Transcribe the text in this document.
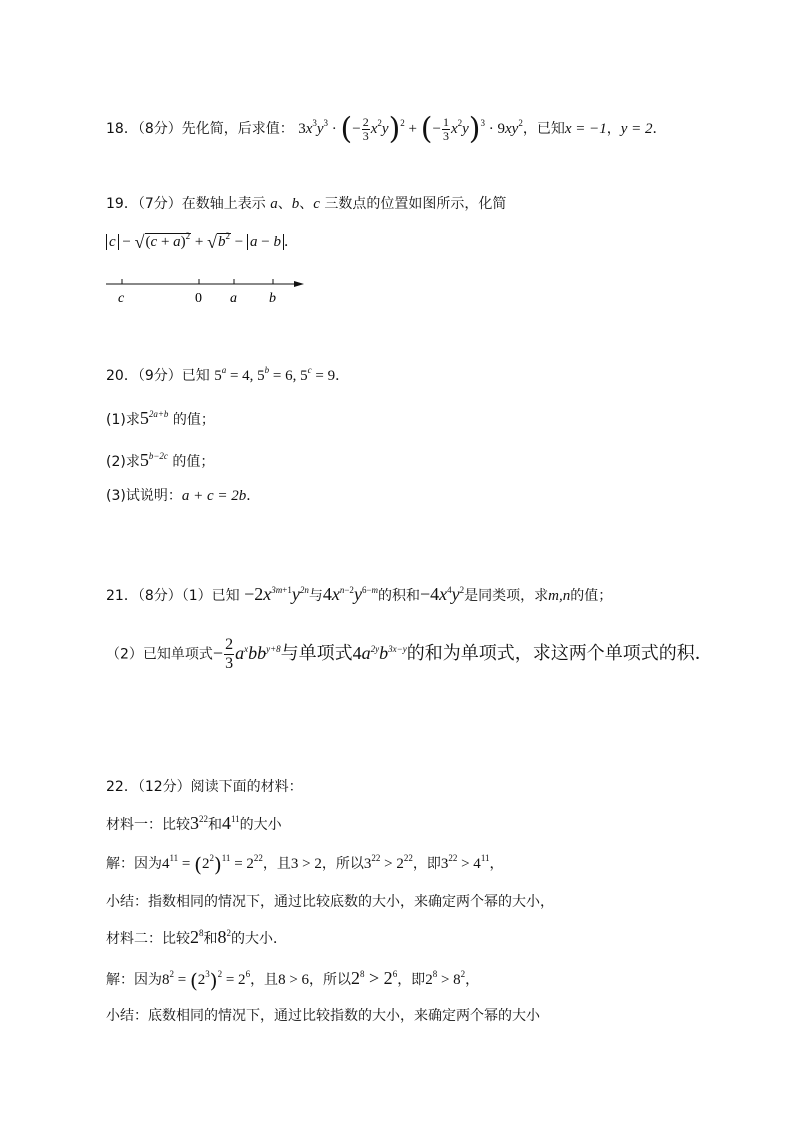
18．（8分）先化简，后求值： $3x^3y^3$ · (− $\frac{2}{3} x^2y)^2$ + (− $\frac{1}{3} x^2y)^3 \cdot 9xy^2$，已知x = −1，y = 2．
19．（7分）在数轴上表示 a、b、c 三数点的位置如图所示，化简
$c - √(c + a)^2 + √b^2 - a - b$ ．
c	0 a b
20．（9分）已知 $5^a = 4$, $5^b = 6$, $5^c = 9$．
(1)求$5^{2a+b}$ 的值；
(2)求$5^{b-2c}$ 的值；
(3)试说明：a + c = 2b．
21．（8分）（1）已知 $-2x^{3m+1}y^{2n}$与$4x^{n-2}y^{6-m}$的积和$-4x^4y^2$是同类项，求m,n的值；
（2）已知单项式− $\frac{2}{3} a^xbb^{y+8}$与单项式$4a^{2y}b^{3x-y}$的和为单项式，求这两个单项式的积．
22．（12分）阅读下面的材料：
材料一：比较$3^{22}$和$4^{11}$的大小
解：因为$4^{11} = (2^2)^{11} = 2^{22}$，且3 > 2，所以$3^{22} > 2^{22}$，即$3^{22} > 4^{11}$，
小结：指数相同的情况下，通过比较底数的大小，来确定两个幂的大小，
材料二：比较$2^8$和$8^2$的大小．
解：因为$8^2 = (2^3)^2 = 2^6$，且8 > 6，所以$2^8 > 2^6$，即$2^8 > 8^2$，
小结：底数相同的情况下，通过比较指数的大小，来确定两个幂的大小
